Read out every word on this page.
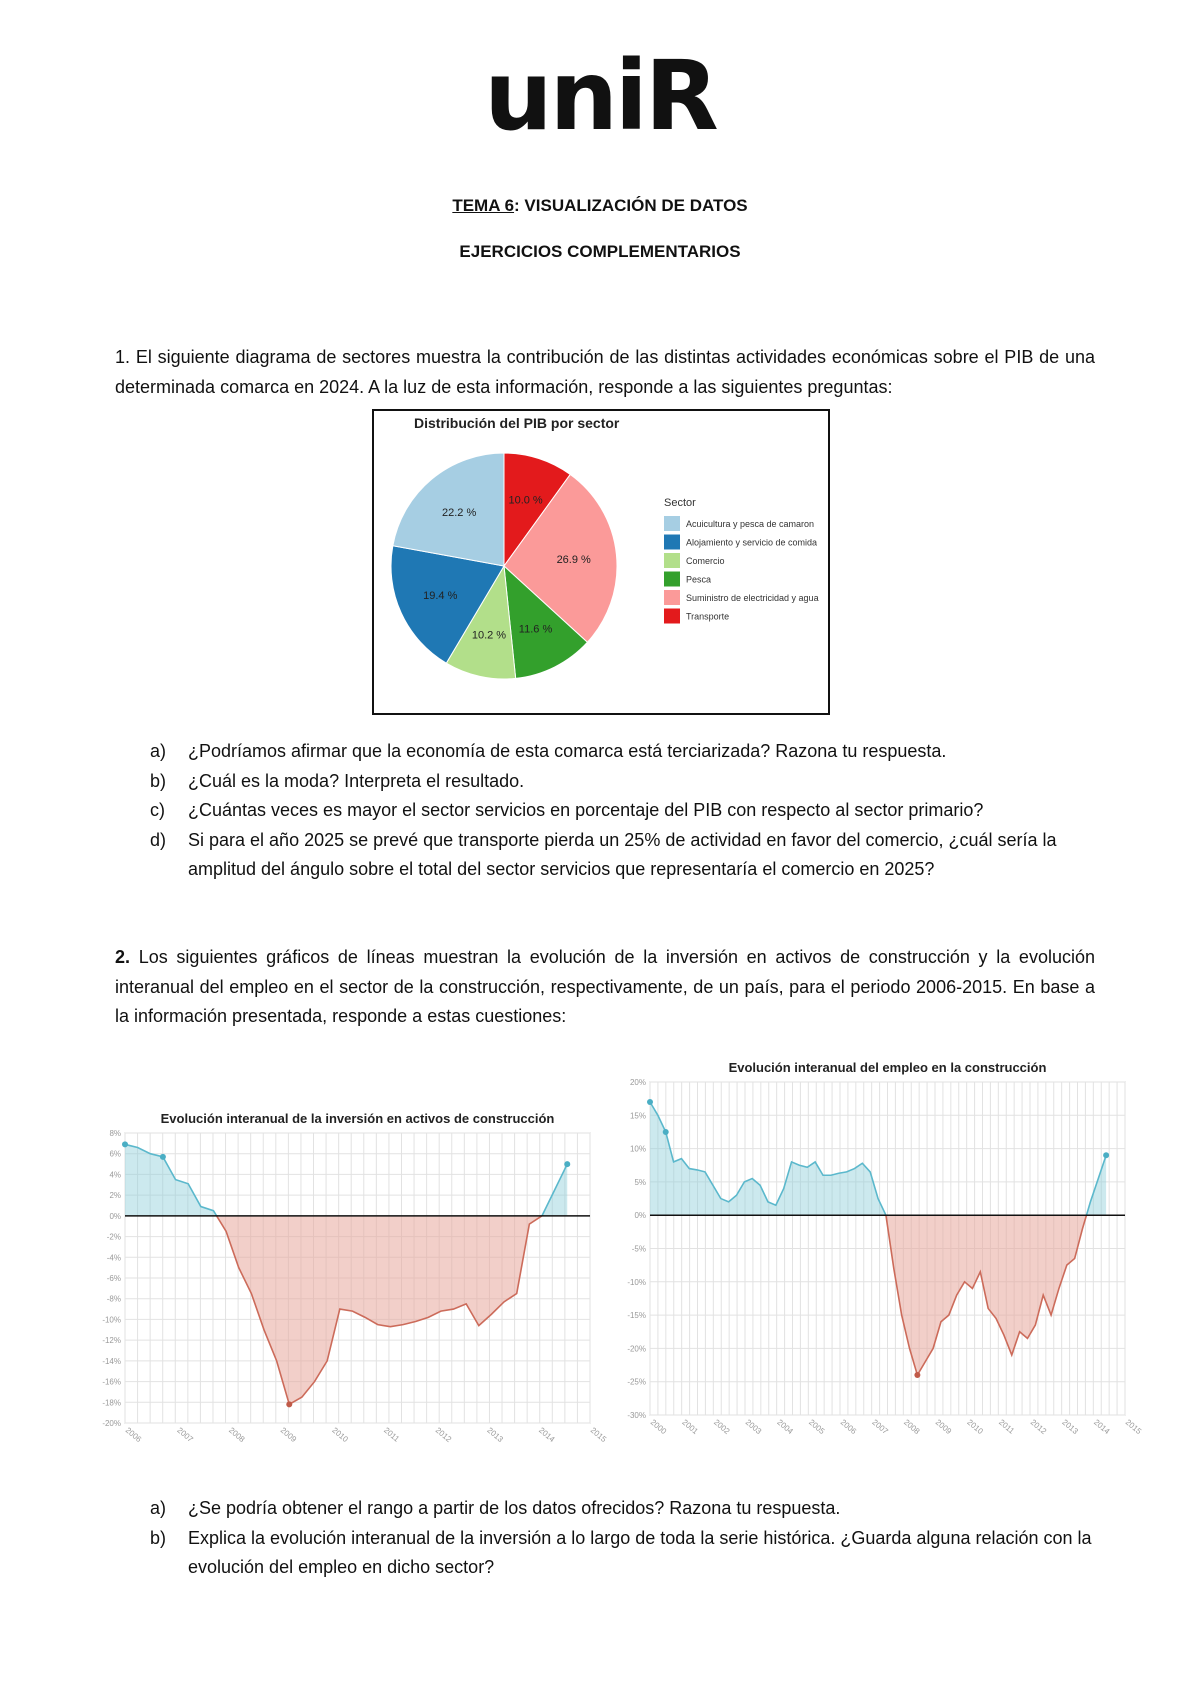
uniR
TEMA 6: VISUALIZACIÓN DE DATOS
EJERCICIOS COMPLEMENTARIOS
1. El siguiente diagrama de sectores muestra la contribución de las distintas actividades económicas sobre el PIB de una determinada comarca en 2024. A la luz de esta información, responde a las siguientes preguntas:
Distribución del PIB por sector
10.0 %
26.9 %
11.6 %
10.2 %
19.4 %
22.2 %
Sector
Acuicultura y pesca de camaron
Alojamiento y servicio de comida
Comercio
Pesca
Suministro de electricidad y agua
Transporte
a) ¿Podríamos afirmar que la economía de esta comarca está terciarizada? Razona tu respuesta.
b) ¿Cuál es la moda? Interpreta el resultado.
c) ¿Cuántas veces es mayor el sector servicios en porcentaje del PIB con respecto al sector primario?
d) Si para el año 2025 se prevé que transporte pierda un 25% de actividad en favor del comercio, ¿cuál sería la amplitud del ángulo sobre el total del sector servicios que representaría el comercio en 2025?
2. Los siguientes gráficos de líneas muestran la evolución de la inversión en activos de construcción y la evolución interanual del empleo en el sector de la construcción, respectivamente, de un país, para el periodo 2006-2015. En base a la información presentada, responde a estas cuestiones:
Evolución interanual de la inversión en activos de construcción
8%
6%
4%
2%
0%
-2%
-4%
-6%
-8%
-10%
-12%
-14%
-16%
-18%
-20%
2006	2007	2008	2009	2010	2011	2012	2013	2014	2015
Evolución interanual del empleo en la construcción
20%
15%
10%
5%
0%
-5%
-10%
-15%
-20%
-25%
-30%
2000 2001 2002 2003 2004 2005 2006 2007 2008 2009 2010 2011 2012 2013 2014 2015
a) ¿Se podría obtener el rango a partir de los datos ofrecidos? Razona tu respuesta.
b) Explica la evolución interanual de la inversión a lo largo de toda la serie histórica. ¿Guarda alguna relación con la evolución del empleo en dicho sector?
